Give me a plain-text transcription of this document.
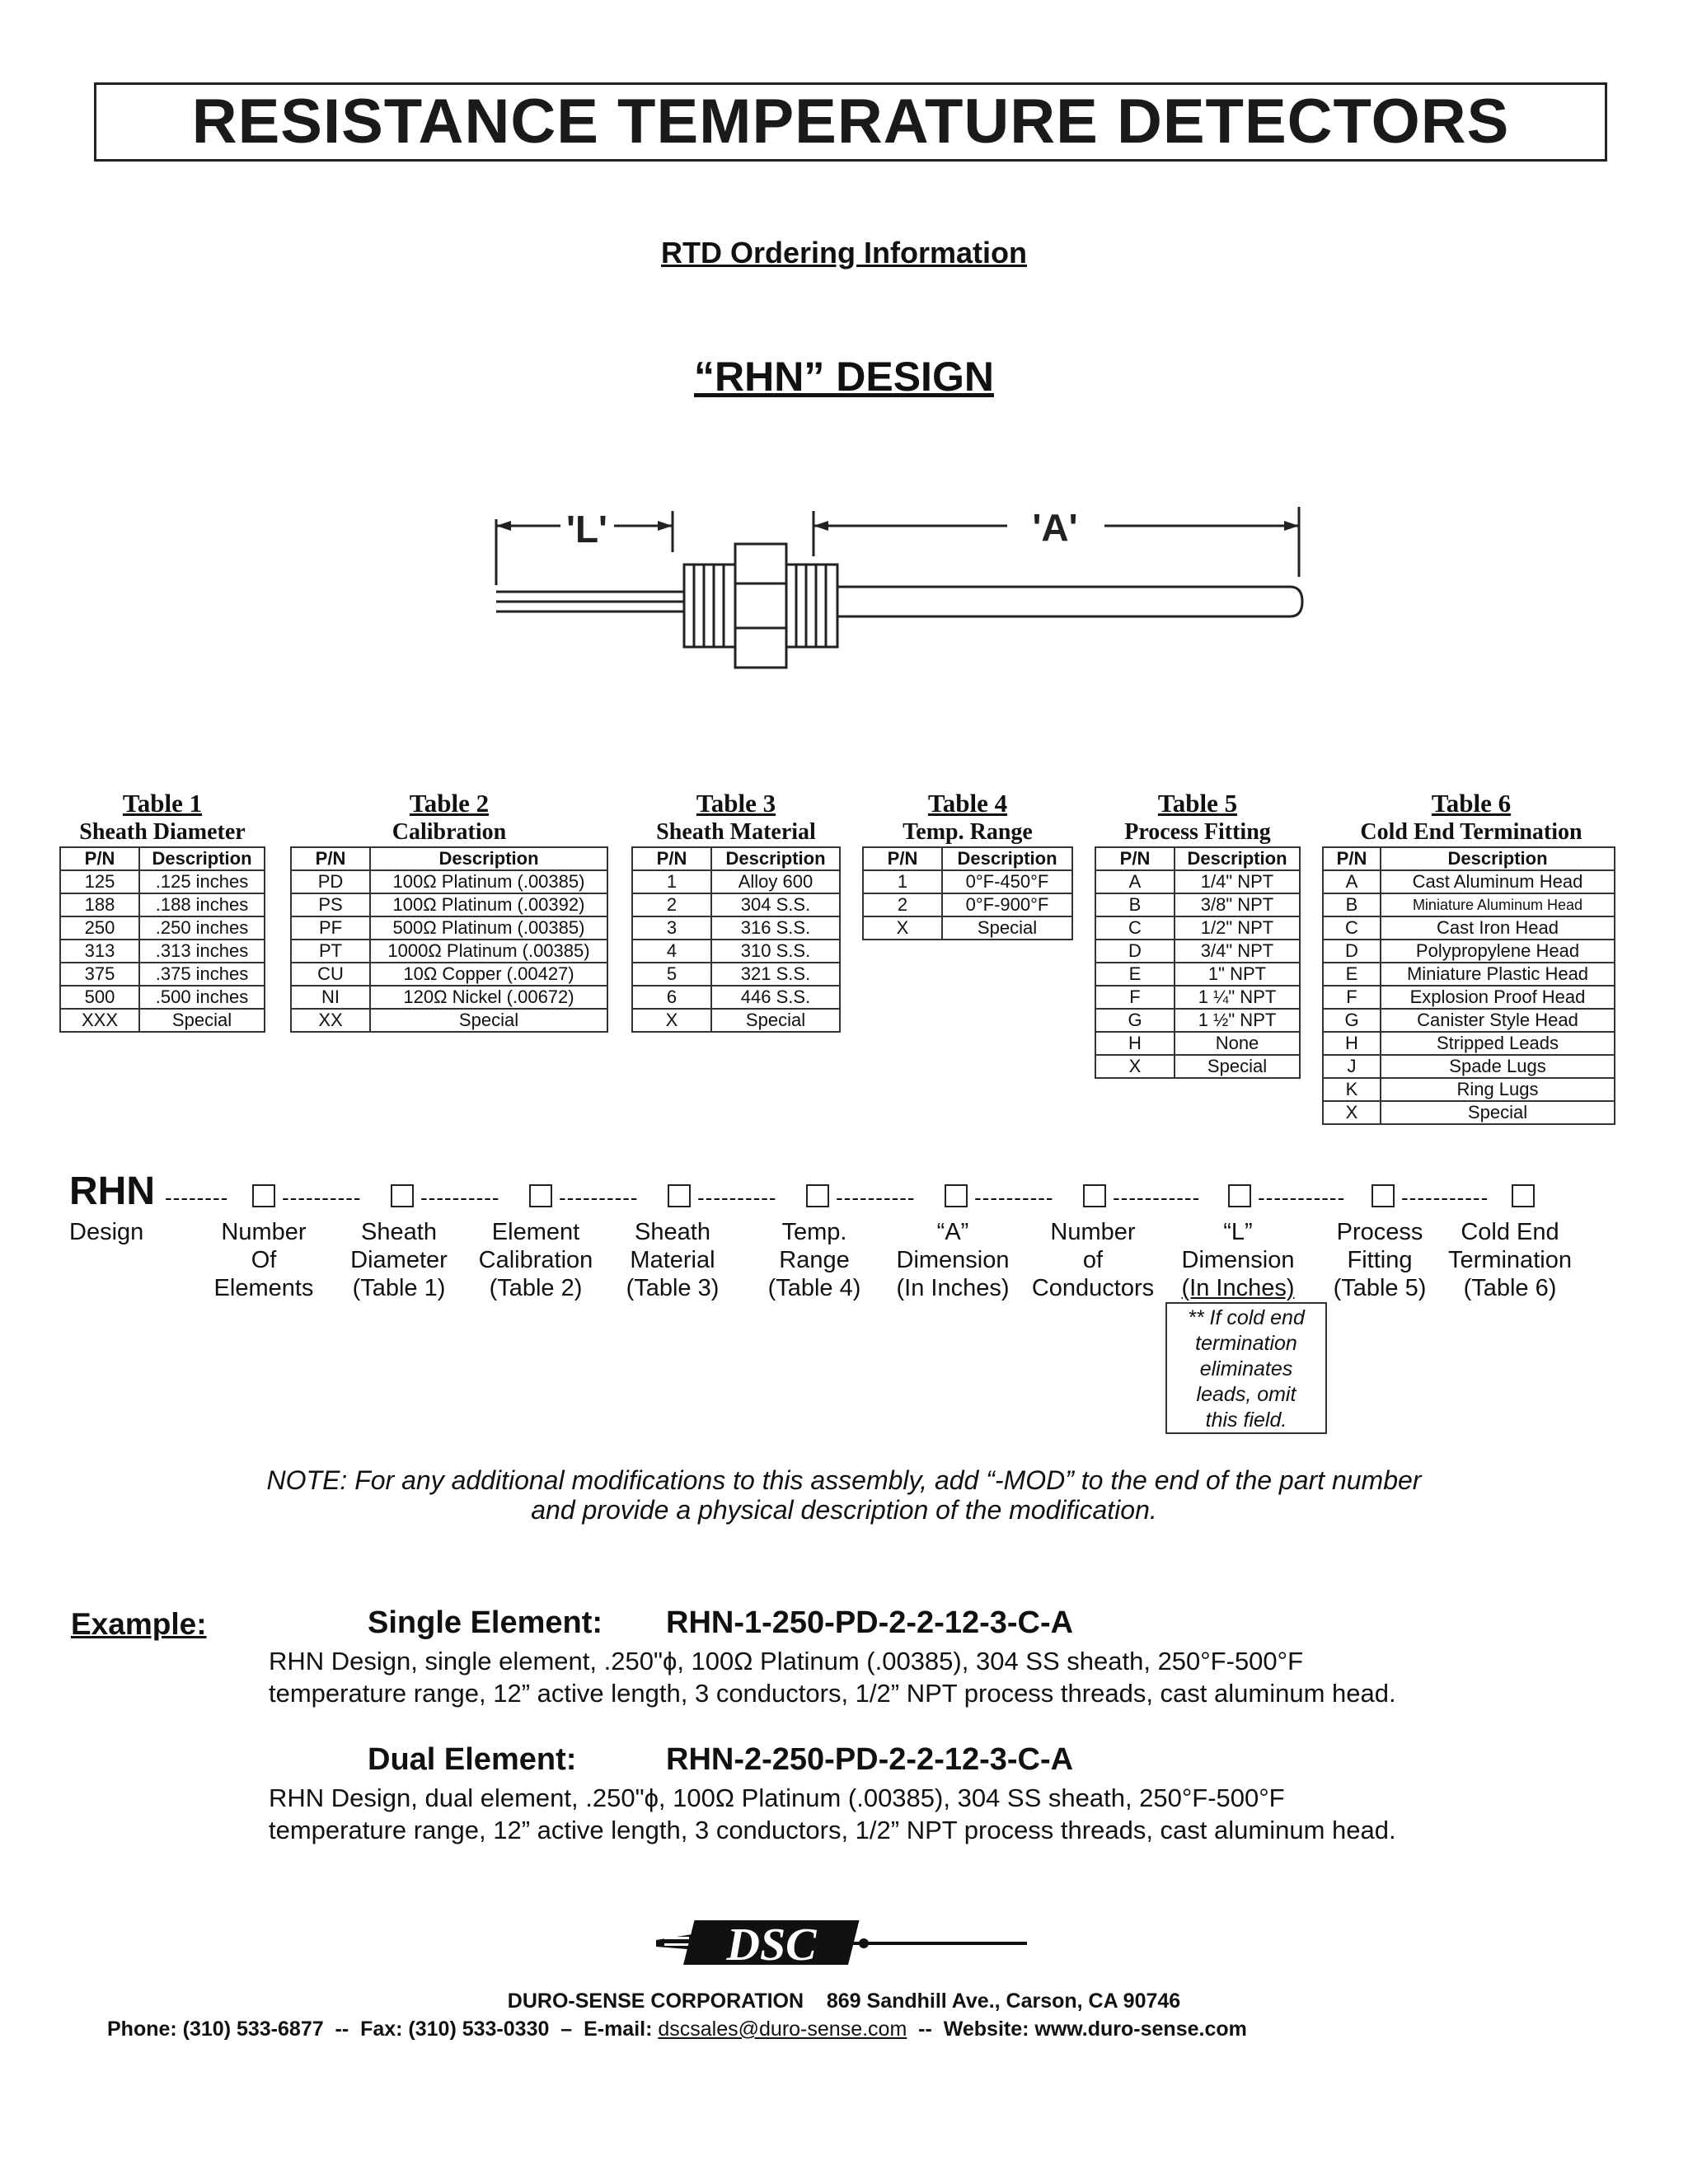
RESISTANCE TEMPERATURE DETECTORS
RTD Ordering Information
“RHN” DESIGN
'L'	'A'
Table 1
Sheath Diameter
P/N	Description
125	.125 inches
188	.188 inches
250	.250 inches
313	.313 inches
375	.375 inches
500	.500 inches
XXX	Special
Table 2
Calibration
P/N	Description
PD	100Ω Platinum (.00385)
PS	100Ω Platinum (.00392)
PF	500Ω Platinum (.00385)
PT	1000Ω Platinum (.00385)
CU	10Ω Copper (.00427)
NI	120Ω Nickel (.00672)
XX	Special
Table 3
Sheath Material
P/N	Description
1	Alloy 600
2	304 S.S.
3	316 S.S.
4	310 S.S.
5	321 S.S.
6	446 S.S.
X	Special
Table 4
Temp. Range
P/N	Description
1	0°F-450°F
2	0°F-900°F
X	Special
Table 5
Process Fitting
P/N	Description
A	1/4" NPT
B	3/8" NPT
C	1/2" NPT
D	3/4" NPT
E	1" NPT
F	1 ¼" NPT
G	1 ½" NPT
H	None
X	Special
Table 6
Cold End Termination
P/N	Description
A	Cast Aluminum Head
B	Miniature Aluminum Head
C	Cast Iron Head
D	Polypropylene Head
E	Miniature Plastic Head
F	Explosion Proof Head
G	Canister Style Head
H	Stripped Leads
J	Spade Lugs
K	Ring Lugs
X	Special
RHN -------- ----------	----------	----------	----------	----------	----------	-----------	-----------	-----------
Design	Number
Of
Elements
Sheath
Diameter
(Table 1)
Element
Calibration
(Table 2)
Sheath
Material
(Table 3)
Temp.
Range
(Table 4)
“A”
Dimension
(In Inches)
Number
of
Conductors
“L”
Dimension
(In Inches)
Process
Fitting
(Table 5)
Cold End
Termination
(Table 6)
** If cold end
termination
eliminates
leads, omit
this field.
NOTE: For any additional modifications to this assembly, add “-MOD” to the end of the part number
and provide a physical description of the modification.
Example:	Single Element: RHN-1-250-PD-2-2-12-3-C-A
RHN Design, single element, .250"ϕ, 100Ω Platinum (.00385), 304 SS sheath, 250°F-500°F
temperature range, 12” active length, 3 conductors, 1/2” NPT process threads, cast aluminum head.
Dual Element:	RHN-2-250-PD-2-2-12-3-C-A
RHN Design, dual element, .250"ϕ, 100Ω Platinum (.00385), 304 SS sheath, 250°F-500°F
temperature range, 12” active length, 3 conductors, 1/2” NPT process threads, cast aluminum head.
DSC
DURO-SENSE CORPORATION 869 Sandhill Ave., Carson, CA 90746
Phone: (310) 533-6877  --  Fax: (310) 533-0330  –  E-mail: dscsales@duro-sense.com  --  Website: www.duro-sense.com
